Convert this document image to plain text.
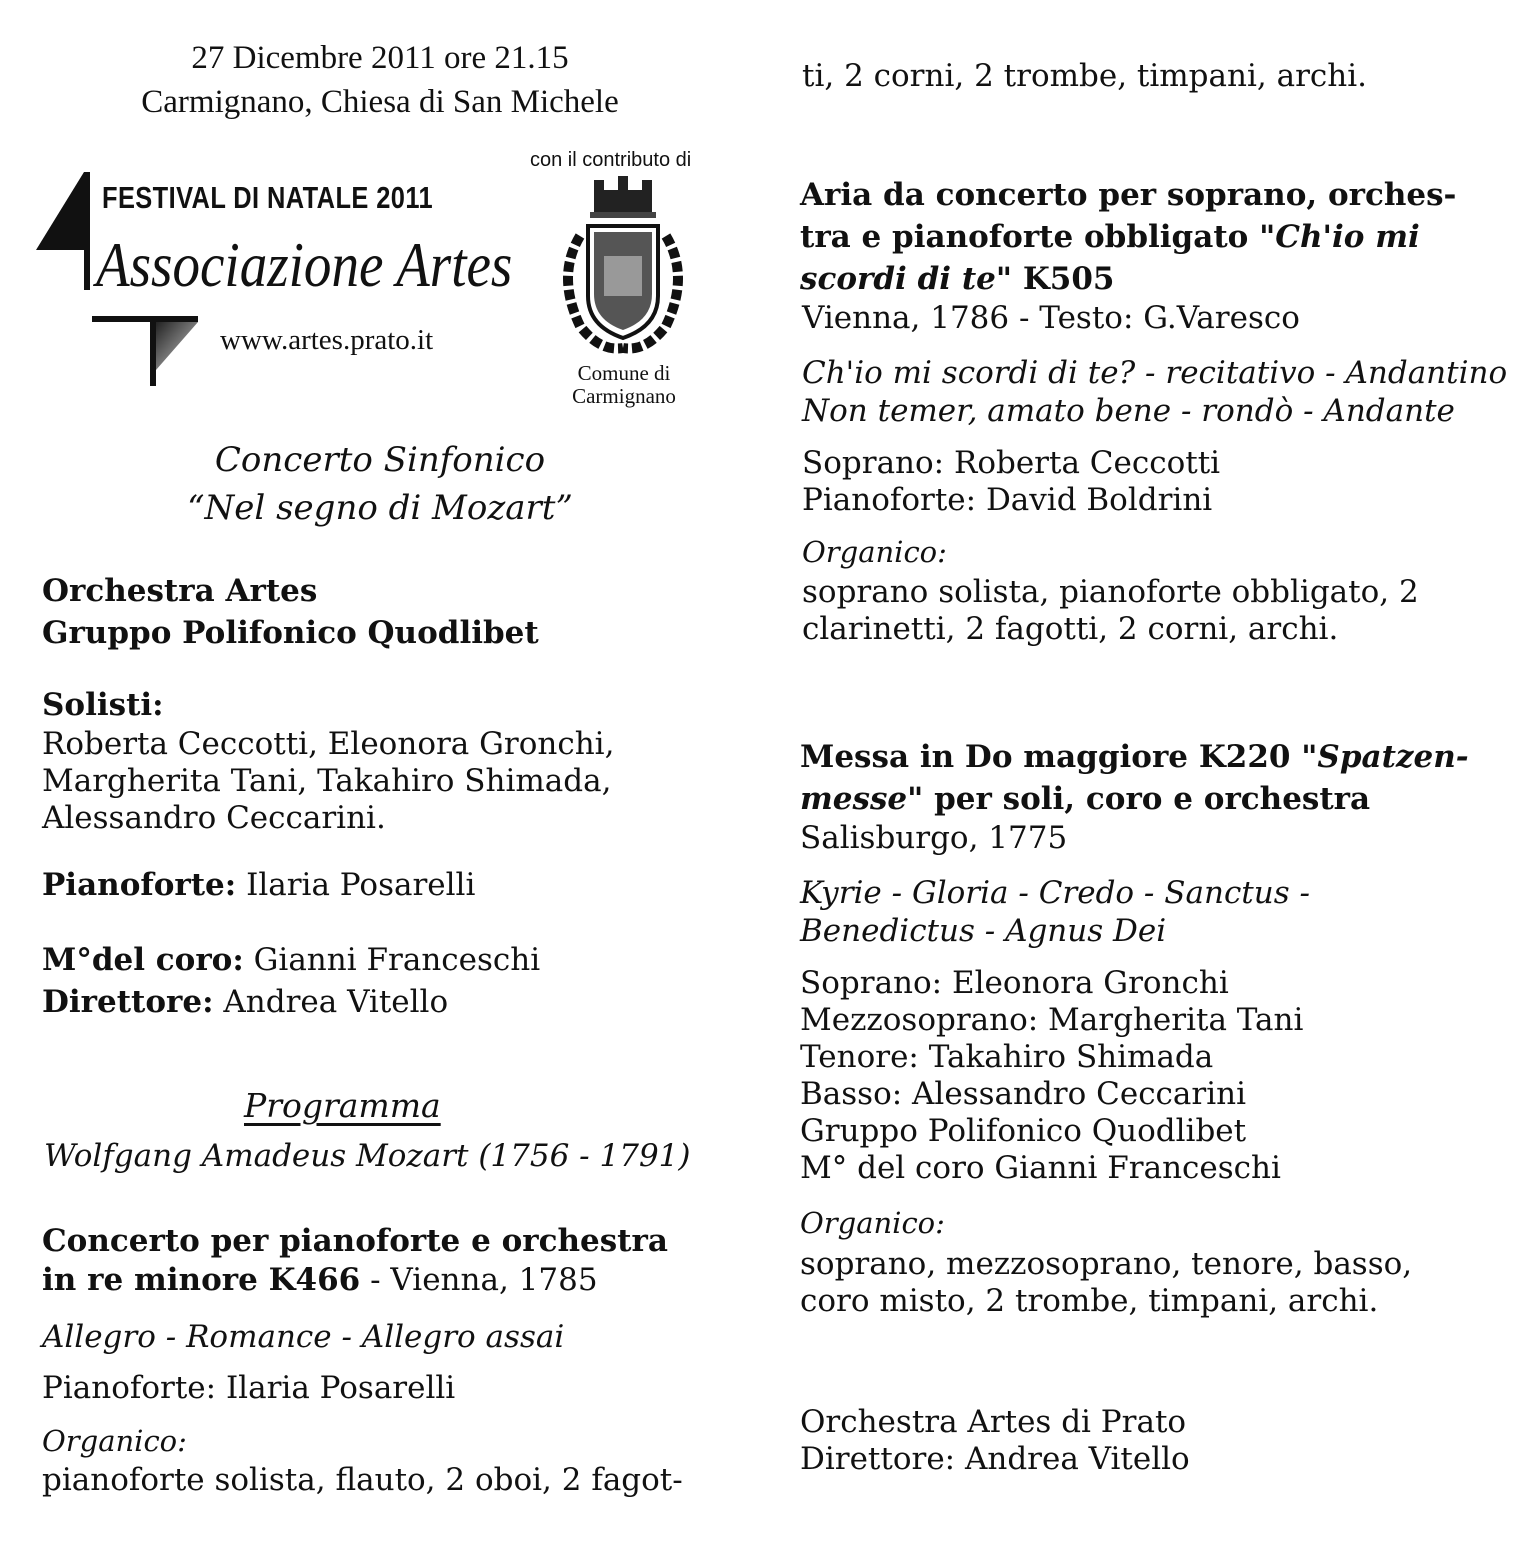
27 Dicembre 2011 ore 21.15
Carmignano, Chiesa di San Michele
FESTIVAL DI NATALE 2011
Associazione Artes
www.artes.prato.it
con il contributo di
Comune di
Carmignano
Concerto Sinfonico
“Nel segno di Mozart”
Orchestra Artes
Gruppo Polifonico Quodlibet
Solisti:
Roberta Ceccotti, Eleonora Gronchi,
Margherita Tani, Takahiro Shimada,
Alessandro Ceccarini.
Pianoforte: Ilaria Posarelli
M°del coro: Gianni Franceschi
Direttore: Andrea Vitello
Programma
Wolfgang Amadeus Mozart (1756 - 1791)
Concerto per pianoforte e orchestra
in re minore K466 - Vienna, 1785
Allegro - Romance - Allegro assai
Pianoforte: Ilaria Posarelli
Organico:
pianoforte solista, flauto, 2 oboi, 2 fagot-
ti, 2 corni, 2 trombe, timpani, archi.
Aria da concerto per soprano, orches-
tra e pianoforte obbligato "Ch'io mi
scordi di te" K505
Vienna, 1786 - Testo: G.Varesco
Ch'io mi scordi di te? - recitativo - Andantino
Non temer, amato bene - rondò - Andante
Soprano: Roberta Ceccotti
Pianoforte: David Boldrini
Organico:
soprano solista, pianoforte obbligato, 2
clarinetti, 2 fagotti, 2 corni, archi.
Messa in Do maggiore K220 "Spatzen-
messe" per soli, coro e orchestra
Salisburgo, 1775
Kyrie - Gloria - Credo - Sanctus -
Benedictus - Agnus Dei
Soprano: Eleonora Gronchi
Mezzosoprano: Margherita Tani
Tenore: Takahiro Shimada
Basso: Alessandro Ceccarini
Gruppo Polifonico Quodlibet
M° del coro Gianni Franceschi
Organico:
soprano, mezzosoprano, tenore, basso,
coro misto, 2 trombe, timpani, archi.
Orchestra Artes di Prato
Direttore: Andrea Vitello
